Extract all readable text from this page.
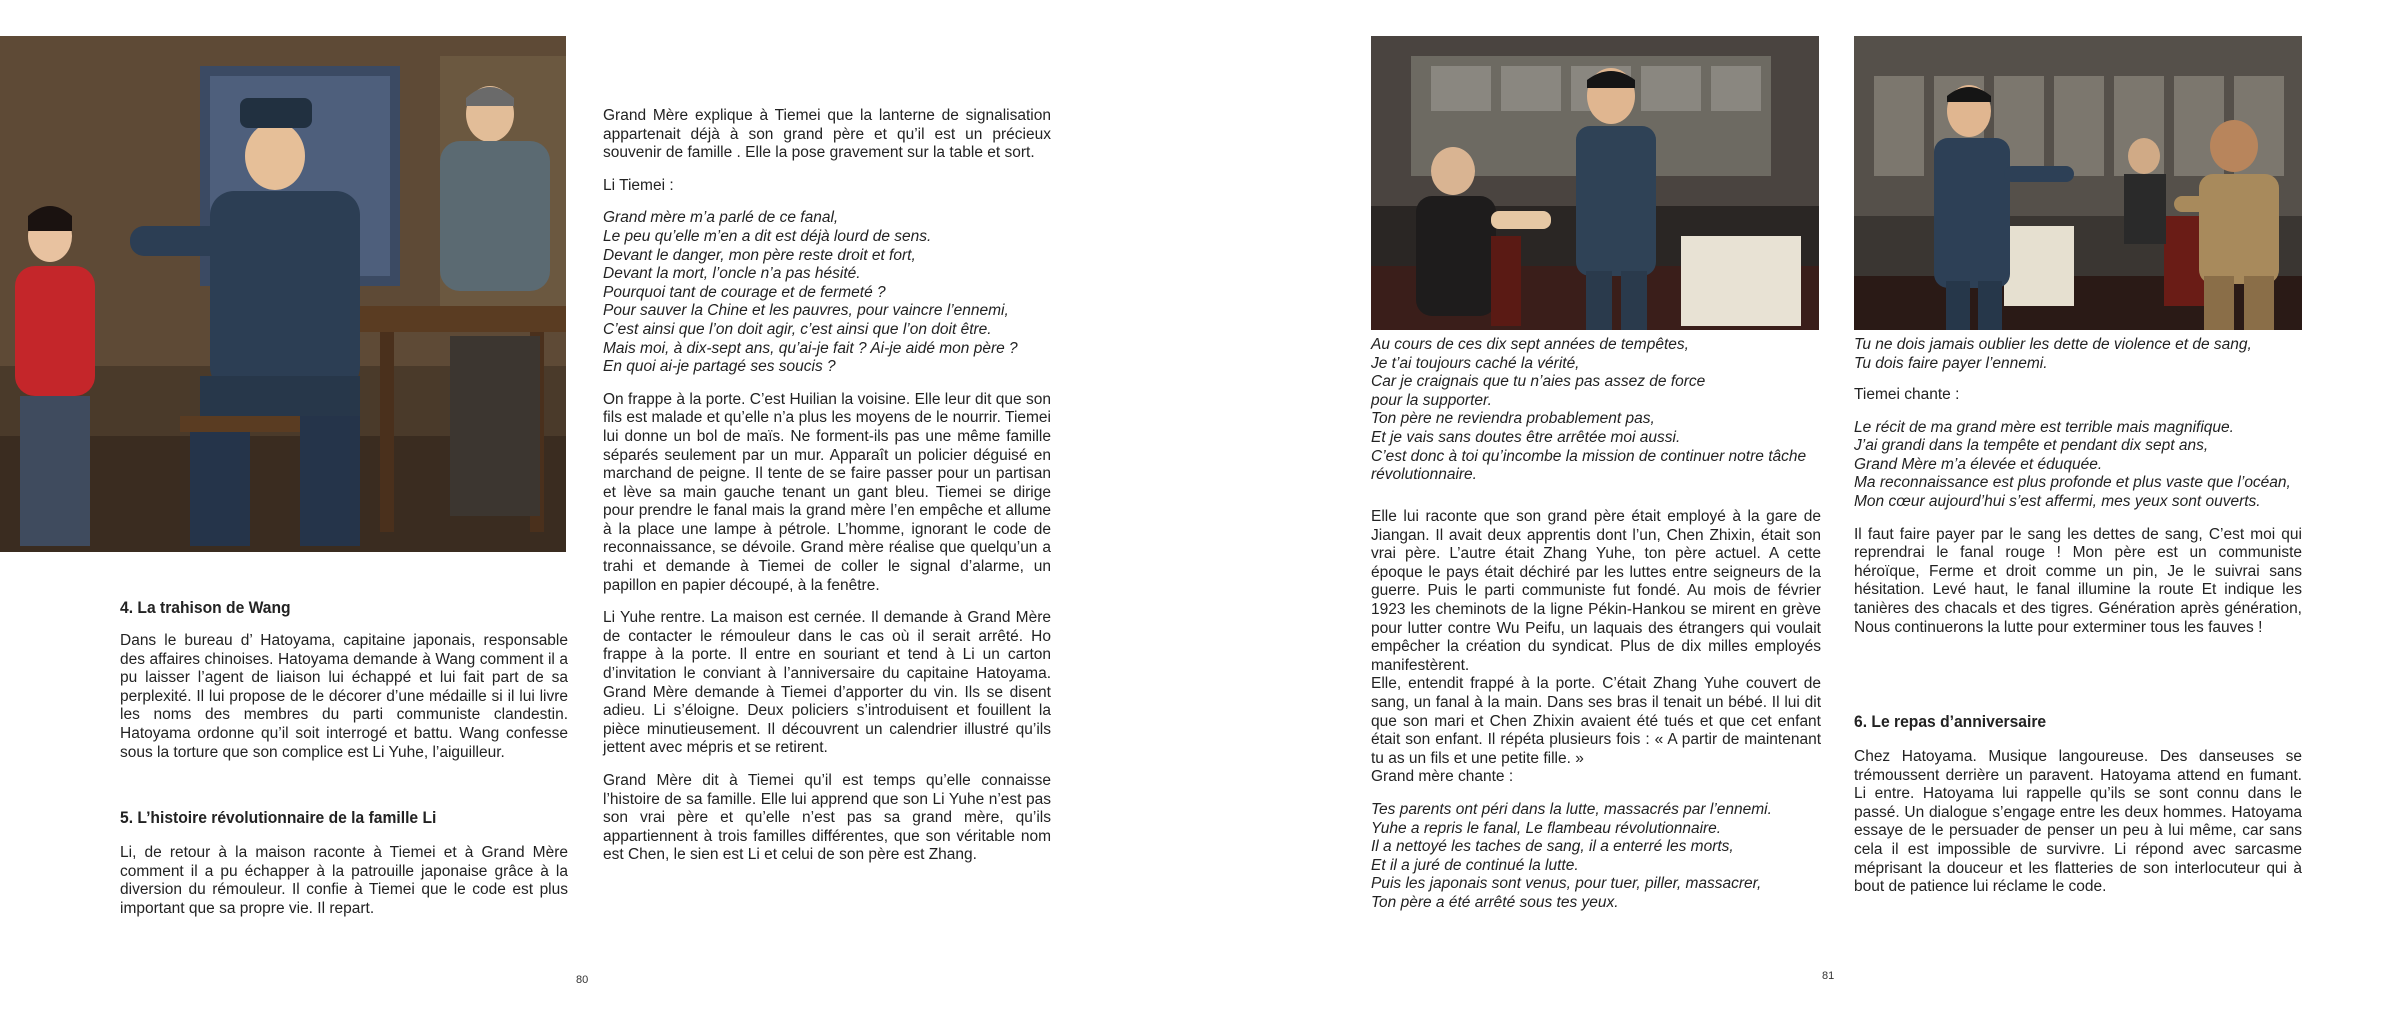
4. La trahison de Wang

Dans le bureau d’ Hatoyama, capitaine japonais, responsable des affaires chinoises. Hatoyama demande à Wang comment il a pu laisser l’agent de liaison lui échappé et lui fait part de sa perplexité. Il lui propose de le décorer d’une médaille si il lui livre les noms des membres du parti communiste clandestin. Hatoyama ordonne qu’il soit interrogé et battu. Wang confesse sous la torture que son complice est Li Yuhe, l’aiguilleur.

5. L’histoire révolutionnaire de la famille Li

Li, de retour à la maison raconte à Tiemei et à Grand Mère comment il a pu échapper à la patrouille japonaise grâce à la diversion du rémouleur. Il confie à Tiemei que le code est plus important que sa propre vie. Il repart.

Grand Mère explique à Tiemei que la lanterne de signalisation appartenait déjà à son grand père et qu’il est un précieux souvenir de famille . Elle la pose gravement sur la table et sort.

Li Tiemei :

Grand mère m’a parlé de ce fanal,
Le peu qu’elle m’en a dit est déjà lourd de sens.
Devant le danger, mon père reste droit et fort,
Devant la mort, l’oncle n’a pas hésité.
Pourquoi tant de courage et de fermeté ?
Pour sauver la Chine et les pauvres, pour vaincre l’ennemi,
C’est ainsi que l’on doit agir, c’est ainsi que l’on doit être.
Mais moi, à dix-sept ans, qu’ai-je fait ? Ai-je aidé mon père ?
En quoi ai-je partagé ses soucis ?

On frappe à la porte. C’est Huilian la voisine. Elle leur dit que son fils est malade et qu’elle n’a plus les moyens de le nourrir. Tiemei lui donne un bol de maïs. Ne forment-ils pas une même famille séparés seulement par un mur. Apparaît un policier déguisé en marchand de peigne. Il tente de se faire passer pour un partisan et lève sa main gauche tenant un gant bleu. Tiemei se dirige pour prendre le fanal mais la grand mère l’en empêche et allume à la place une lampe à pétrole. L’homme, ignorant le code de reconnaissance, se dévoile. Grand mère réalise que quelqu’un a trahi et demande à Tiemei de coller le signal d’alarme, un papillon en papier découpé, à la fenêtre.

Li Yuhe rentre. La maison est cernée. Il demande à Grand Mère de contacter le rémouleur dans le cas où il serait arrêté. Ho frappe à la porte. Il entre en souriant et tend à Li un carton d’invitation le conviant à l’anniversaire du capitaine Hatoyama. Grand Mère demande à Tiemei d’apporter du vin. Ils se disent adieu. Li s’éloigne. Deux policiers s’introduisent et fouillent la pièce minutieusement. Il découvrent un calendrier illustré qu’ils jettent avec mépris et se retirent.

Grand Mère dit à Tiemei qu’il est temps qu’elle connaisse l’histoire de sa famille. Elle lui apprend que son Li Yuhe n’est pas son vrai père et qu’elle n’est pas sa grand mère, qu’ils appartiennent à trois familles différentes, que son véritable nom est Chen, le sien est Li et celui de son père est Zhang.

80
Au cours de ces dix sept années de tempêtes,
Je t’ai toujours caché la vérité,
Car je craignais que tu n’aies pas assez de force
pour la supporter.
Ton père ne reviendra probablement pas,
Et je vais sans doutes être arrêtée moi aussi.
C’est donc à toi qu’incombe la mission de continuer notre tâche révolutionnaire.

Elle lui raconte que son grand père était employé à la gare de Jiangan. Il avait deux apprentis dont l’un, Chen Zhixin, était son vrai père. L’autre était Zhang Yuhe, ton père actuel. A cette époque le pays était déchiré par les luttes entre seigneurs de la guerre. Puis le parti communiste fut fondé. Au mois de février 1923 les cheminots de la ligne Pékin-Hankou se mirent en grève pour lutter contre Wu Peifu, un laquais des étrangers qui voulait empêcher la création du syndicat. Plus de dix milles employés manifestèrent.
Elle, entendit frappé à la porte. C’était Zhang Yuhe couvert de sang, un fanal à la main. Dans ses bras il tenait un bébé. Il lui dit que son mari et Chen Zhixin avaient été tués et que cet enfant était son enfant. Il répéta plusieurs fois : « A partir de maintenant tu as un fils et une petite fille. »
Grand mère chante :

Tes parents ont péri dans la lutte, massacrés par l’ennemi.
Yuhe a repris le fanal, Le flambeau révolutionnaire.
Il a nettoyé les taches de sang, il a enterré les morts,
Et il a juré de continué la lutte.
Puis les japonais sont venus, pour tuer, piller, massacrer,
Ton père a été arrêté sous tes yeux.

Tu ne dois jamais oublier les dette de violence et de sang,
Tu dois faire payer l’ennemi.

Tiemei chante :

Le récit de ma grand mère est terrible mais magnifique.
J’ai grandi dans la tempête et pendant dix sept ans,
Grand Mère m’a élevée et éduquée.
Ma reconnaissance est plus profonde et plus vaste que l’océan,
Mon cœur aujourd’hui s’est affermi, mes yeux sont ouverts.

Il faut faire payer par le sang les dettes de sang, C’est moi qui reprendrai le fanal rouge ! Mon père est un communiste héroïque, Ferme et droit comme un pin, Je le suivrai sans hésitation. Levé haut, le fanal illumine la route Et indique les tanières des chacals et des tigres. Génération après génération, Nous continuerons la lutte pour exterminer tous les fauves !

6. Le repas d’anniversaire

Chez Hatoyama. Musique langoureuse. Des danseuses se trémoussent derrière un paravent. Hatoyama attend en fumant. Li entre. Hatoyama lui rappelle qu’ils se sont connu dans le passé. Un dialogue s’engage entre les deux hommes. Hatoyama essaye de le persuader de penser un peu à lui même, car sans cela il est impossible de survivre. Li répond avec sarcasme méprisant la douceur et les flatteries de son interlocuteur qui à bout de patience lui réclame le code.

81
